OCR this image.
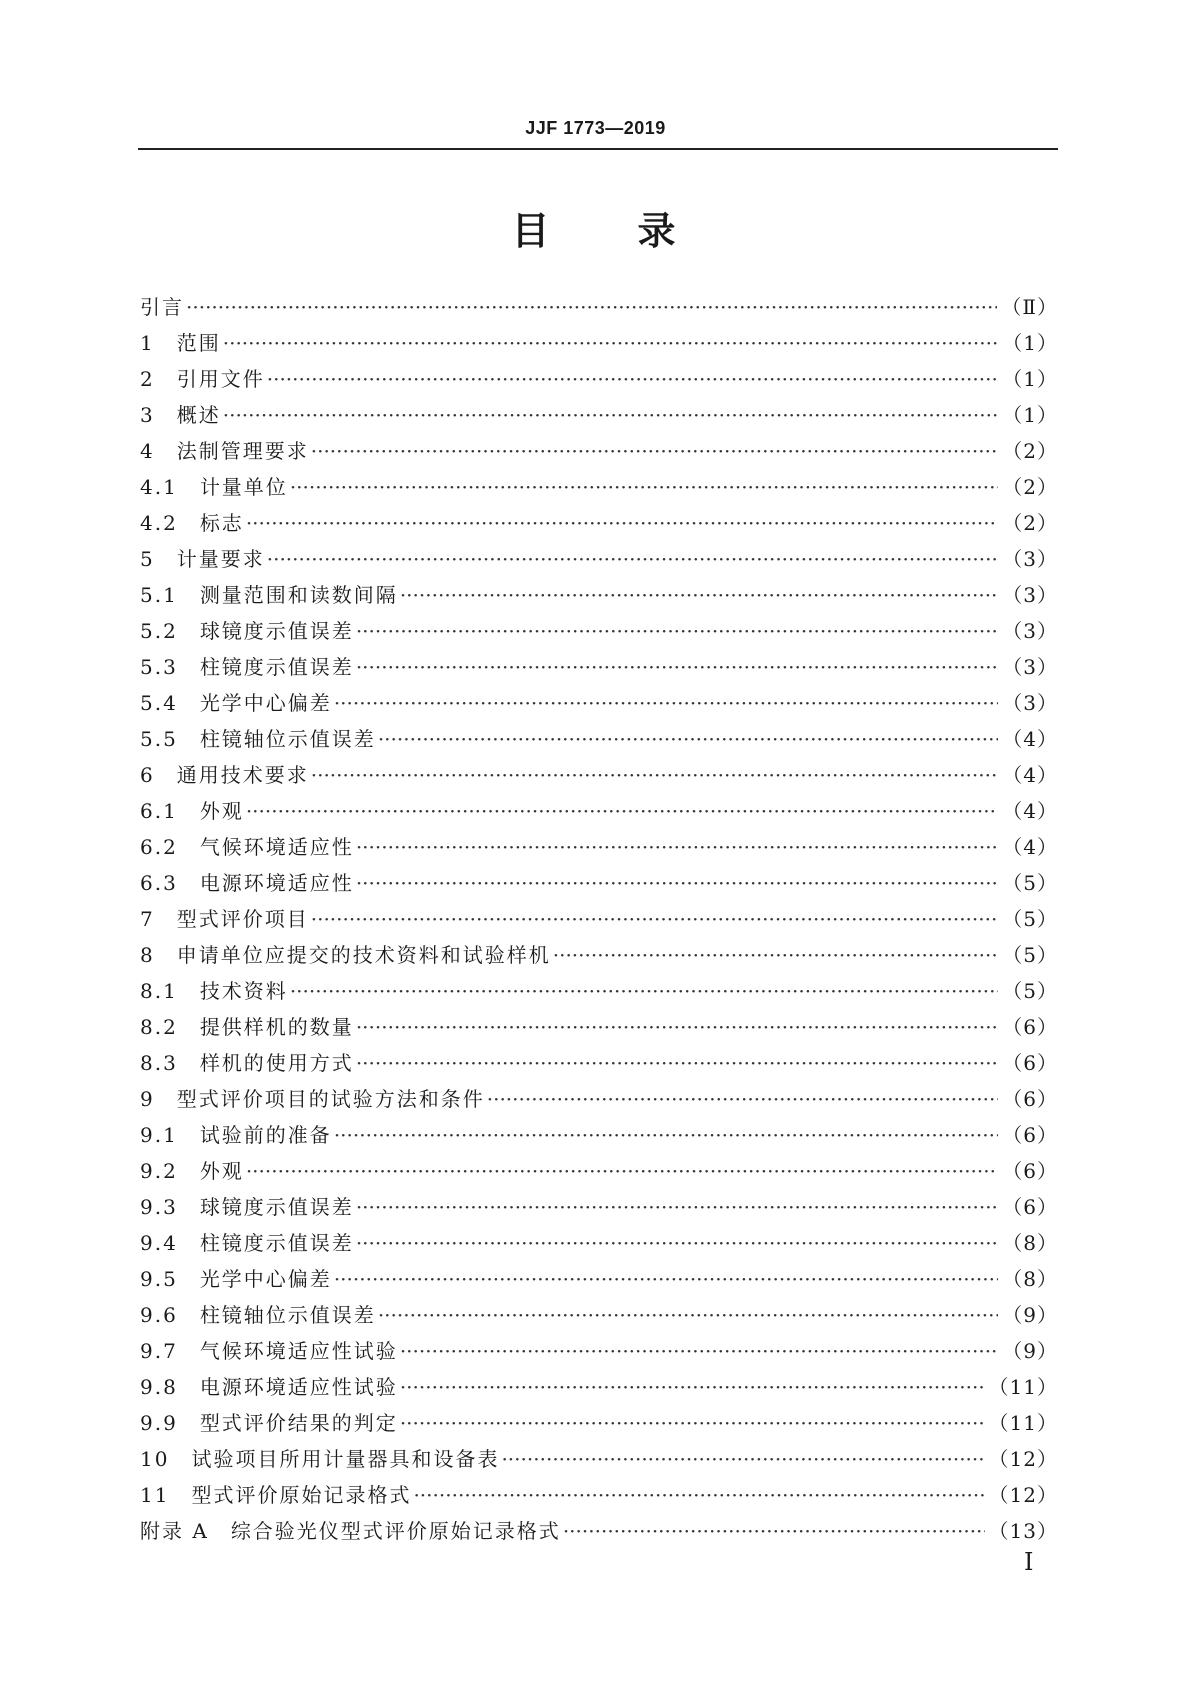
JJF 1773—2019
目　　录
引言 ·····	（Ⅱ）
1　 范围 ·····	（1）
2　 引用文件 ·····	（1）
3　 概述 ·····	（1）
4　 法制管理要求 ·····	（2）
4.1　 计量单位 ·····	（2）
4.2　 标志 ·····	（2）
5　 计量要求 ·····	（3）
5.1　 测量范围和读数间隔 ·····	（3）
5.2　 球镜度示值误差 ·····	（3）
5.3　 柱镜度示值误差 ·····	（3）
5.4　 光学中心偏差 ·····	（3）
5.5　 柱镜轴位示值误差 ·····	（4）
6　 通用技术要求 ·····	（4）
6.1　 外观 ·····	（4）
6.2　 气候环境适应性 ·····	（4）
6.3　 电源环境适应性 ·····	（5）
7　 型式评价项目 ·····	（5）
8　 申请单位应提交的技术资料和试验样机 ·····	（5）
8.1　 技术资料 ·····	（5）
8.2　 提供样机的数量 ·····	（6）
8.3　 样机的使用方式 ·····	（6）
9　 型式评价项目的试验方法和条件 ·····	（6）
9.1　 试验前的准备 ·····	（6）
9.2　 外观 ·····	（6）
9.3　 球镜度示值误差 ·····	（6）
9.4　 柱镜度示值误差 ·····	（8）
9.5　 光学中心偏差 ·····	（8）
9.6　 柱镜轴位示值误差 ·····	（9）
9.7　 气候环境适应性试验 ·····	（9）
9.8　 电源环境适应性试验 ·····	（11）
9.9　 型式评价结果的判定 ·····	（11）
10　 试验项目所用计量器具和设备表 ·····	（12）
11　 型式评价原始记录格式 ·····	（12）
附录 A　 综合验光仪型式评价原始记录格式 ·····	（13）
I
